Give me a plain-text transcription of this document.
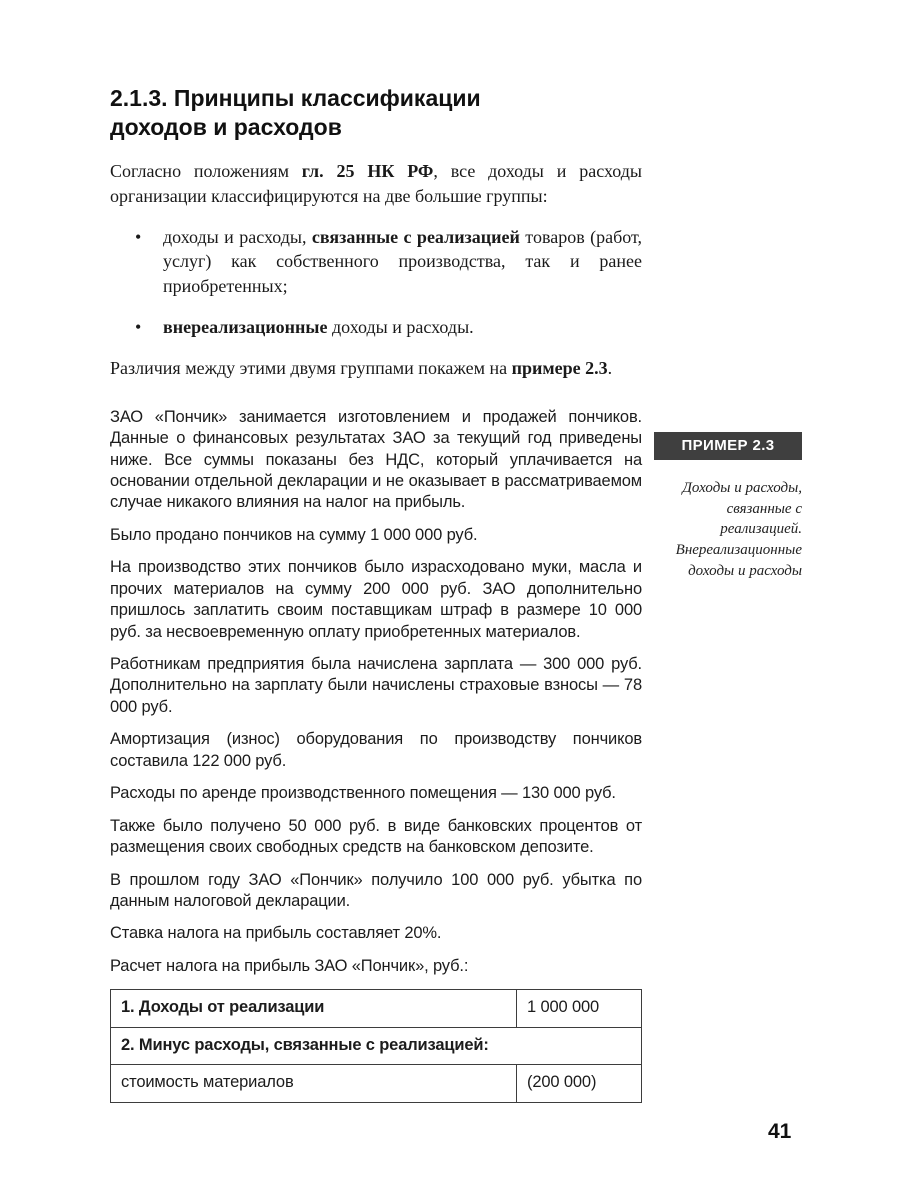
2.1.3. Принципы классификации
доходов и расходов

Согласно положениям гл. 25 НК РФ, все доходы и расходы организации классифицируются на две большие группы:

• доходы и расходы, связанные с реализацией товаров (работ, услуг) как собственного производства, так и ранее приобретенных;
• внереализационные доходы и расходы.

Различия между этими двумя группами покажем на примере 2.3.

ЗАО «Пончик» занимается изготовлением и продажей пончиков. Данные о финансовых результатах ЗАО за текущий год приведены ниже. Все суммы показаны без НДС, который уплачивается на основании отдельной декларации и не оказывает в рассматриваемом случае никакого влияния на налог на прибыль.

Было продано пончиков на сумму 1 000 000 руб.

На производство этих пончиков было израсходовано муки, масла и прочих материалов на сумму 200 000 руб. ЗАО дополнительно пришлось заплатить своим поставщикам штраф в размере 10 000 руб. за несвоевременную оплату приобретенных материалов.

Работникам предприятия была начислена зарплата — 300 000 руб. Дополнительно на зарплату были начислены страховые взносы — 78 000 руб.

Амортизация (износ) оборудования по производству пончиков составила 122 000 руб.

Расходы по аренде производственного помещения — 130 000 руб.

Также было получено 50 000 руб. в виде банковских процентов от размещения своих свободных средств на банковском депозите.

В прошлом году ЗАО «Пончик» получило 100 000 руб. убытка по данным налоговой декларации.

Ставка налога на прибыль составляет 20%.

Расчет налога на прибыль ЗАО «Пончик», руб.:

1. Доходы от реализации	1 000 000
2. Минус расходы, связанные с реализацией:	
стоимость материалов	(200 000)
ПРИМЕР 2.3
Доходы и расходы, связанные с реализацией. Внереализационные доходы и расходы
41
